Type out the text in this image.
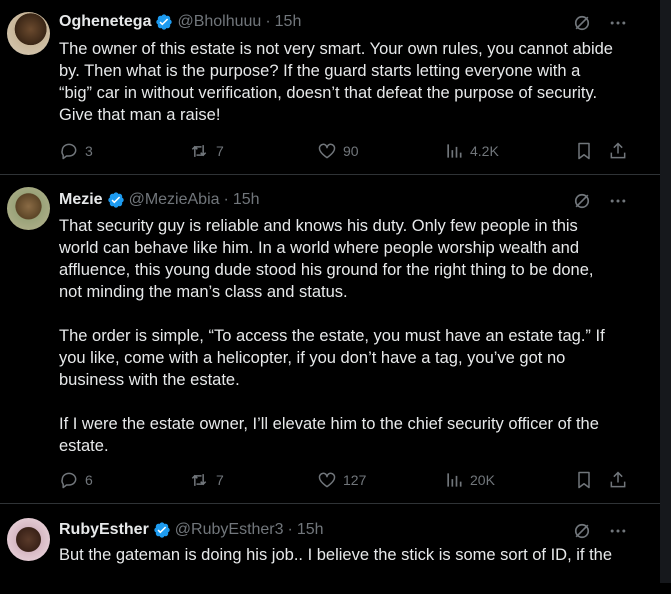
Oghenetega @Bholhuuu · 15h

The owner of this estate is not very smart. Your own rules, you cannot abide
by. Then what is the purpose? If the guard starts letting everyone with a
“big” car in without verification, doesn’t that defeat the purpose of security.
Give that man a raise!

3	7	90	4.2K
Mezie @MezieAbia · 15h

That security guy is reliable and knows his duty. Only few people in this
world can behave like him. In a world where people worship wealth and
affluence, this young dude stood his ground for the right thing to be done,
not minding the man’s class and status.

The order is simple, “To access the estate, you must have an estate tag.” If
you like, come with a helicopter, if you don’t have a tag, you’ve got no
business with the estate.

If I were the estate owner, I’ll elevate him to the chief security officer of the
estate.

6	7	127	20K
RubyEsther @RubyEsther3 · 15h

But the gateman is doing his job.. I believe the stick is some sort of ID, if the
